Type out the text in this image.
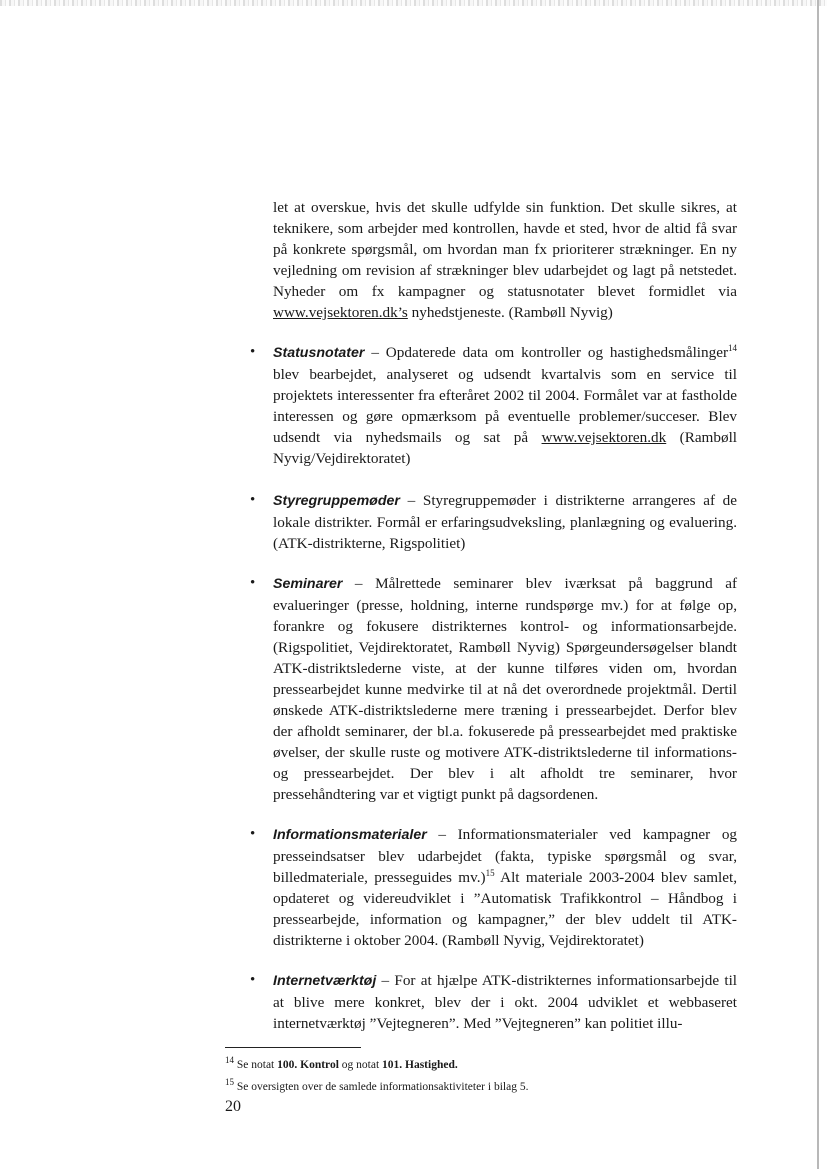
let at overskue, hvis det skulle udfylde sin funktion. Det skulle sikres, at teknikere, som arbejder med kontrollen, havde et sted, hvor de altid få svar på konkrete spørgsmål, om hvordan man fx prioriterer strækninger. En ny vejledning om revision af strækninger blev udarbejdet og lagt på netstedet. Nyheder om fx kampagner og statusnotater blevet formidlet via www.vejsektoren.dk’s nyhedstjeneste. (Rambøll Nyvig)

• Statusnotater – Opdaterede data om kontroller og hastighedsmålinger$^{14}$ blev bearbejdet, analyseret og udsendt kvartalvis som en service til projektets interessenter fra efteråret 2002 til 2004. Formålet var at fastholde interessen og gøre opmærksom på eventuelle problemer/succeser. Blev udsendt via nyhedsmails og sat på www.vejsektoren.dk (Rambøll Nyvig/Vejdirektoratet)

• Styregruppemøder – Styregruppemøder i distrikterne arrangeres af de lokale distrikter. Formål er erfaringsudveksling, planlægning og evaluering. (ATK-distrikterne, Rigspolitiet)

• Seminarer – Målrettede seminarer blev iværksat på baggrund af evalueringer (presse, holdning, interne rundspørge mv.) for at følge op, forankre og fokusere distrikternes kontrol- og informationsarbejde. (Rigspolitiet, Vejdirektoratet, Rambøll Nyvig) Spørgeundersøgelser blandt ATK-distriktslederne viste, at der kunne tilføres viden om, hvordan pressearbejdet kunne medvirke til at nå det overordnede projektmål. Dertil ønskede ATK-distriktslederne mere træning i pressearbejdet. Derfor blev der afholdt seminarer, der bl.a. fokuserede på pressearbejdet med praktiske øvelser, der skulle ruste og motivere ATK-distriktslederne til informations- og pressearbejdet. Der blev i alt afholdt tre seminarer, hvor pressehåndtering var et vigtigt punkt på dagsordenen.

• Informationsmaterialer – Informationsmaterialer ved kampagner og presseindsatser blev udarbejdet (fakta, typiske spørgsmål og svar, billedmateriale, presseguides mv.)$^{15}$ Alt materiale 2003-2004 blev samlet, opdateret og videreudviklet i ”Automatisk Trafikkontrol – Håndbog i pressearbejde, information og kampagner,” der blev uddelt til ATK-distrikterne i oktober 2004. (Rambøll Nyvig, Vejdirektoratet)

• Internetværktøj – For at hjælpe ATK-distrikternes informationsarbejde til at blive mere konkret, blev der i okt. 2004 udviklet et webbaseret internetværktøj ”Vejtegneren”. Med ”Vejtegneren” kan politiet illu-

$^{14}$ Se notat 100. Kontrol og notat 101. Hastighed.
$^{15}$ Se oversigten over de samlede informationsaktiviteter i bilag 5.
20
